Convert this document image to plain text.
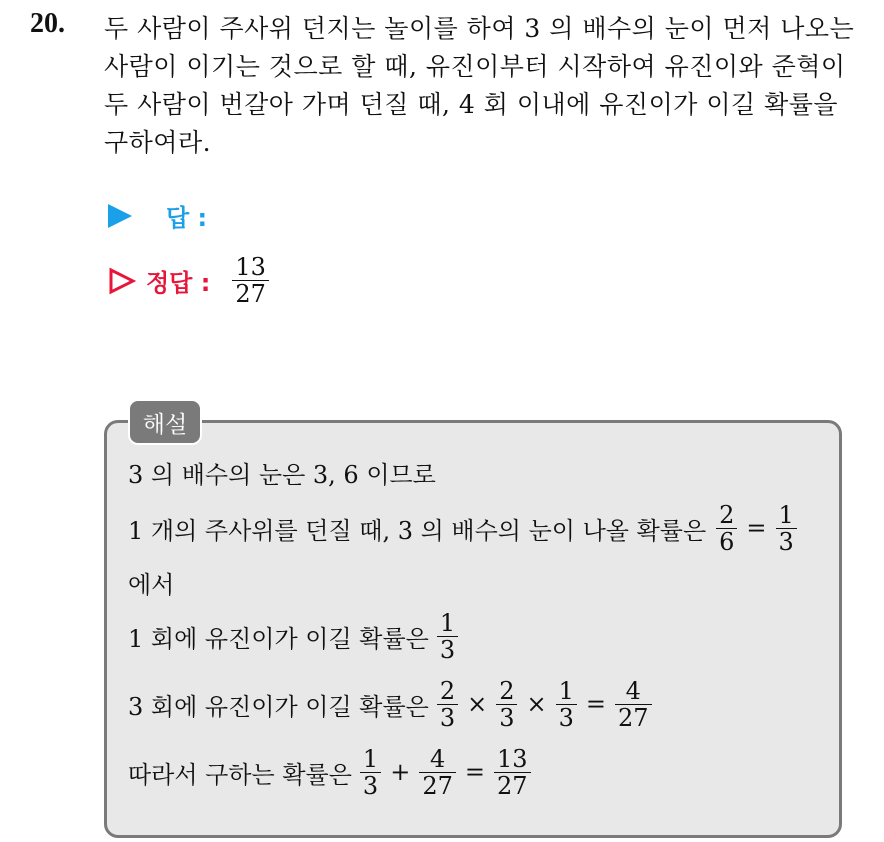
20. 두 사람이 주사위 던지는 놀이를 하여 3 의 배수의 눈이 먼저 나오는
사람이 이기는 것으로 할 때, 유진이부터 시작하여 유진이와 준혁이
두 사람이 번갈아 가며 던질 때, 4 회 이내에 유진이가 이길 확률을
구하여라.
답 :
정답 : $\frac{13}{27}$
해설
3 의 배수의 눈은 3, 6 이므로
1 개의 주사위를 던질 때, 3 의 배수의 눈이 나올 확률은 $\frac{2}{6} = \frac{1}{3}$
에서
1 회에 유진이가 이길 확률은 $\frac{1}{3}$
3 회에 유진이가 이길 확률은 $\frac{2}{3} \times \frac{2}{3} \times \frac{1}{3} = \frac{4}{27}$
따라서 구하는 확률은 $\frac{1}{3} + \frac{4}{27} = \frac{13}{27}$
